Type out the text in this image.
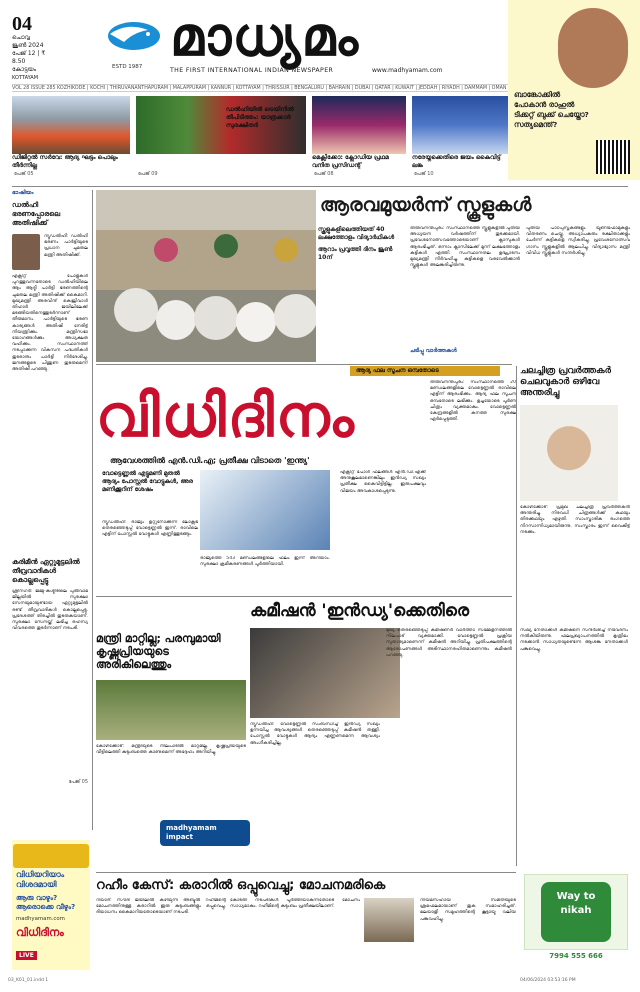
04
ചൊവ്വ
ജൂൺ 2024
പേജ് 12 | ₹ 8.50
കോട്ടയം
KOTTAYAM
മാധ്യമം
ESTD 1987	THE FIRST INTERNATIONAL INDIAN NEWSPAPER	www.madhyamam.com
VOL 28 ISSUE 285 KOZHIKODE | KOCHI | THIRUVANANTHAPURAM | MALAPPURAM | KANNUR | KOTTAYAM | THRISSUR | BENGALURU | BAHRAIN | DUBAI | QATAR | KUWAIT | JEDDAH | RIYADH | DAMMAM | OMAN
ഡിജിറ്റൽ സർവേ: ആദ്യ ഘട്ടം പൊലും തീർന്നില്ല
പേജ് 05
ഡൽഹിയിൽ ട്രെയിനിൽ തീപിടിത്തം: യാത്രക്കാർ സുരക്ഷിതർ
പേജ് 09
മെക്സിക്കോ: ക്ലോഡിയ പ്രഥമ വനിത പ്രസിഡന്റ്
പേജ് 08
നരേയ്നക്കെതിരെ ജയം കൈവിട്ട് ലങ്ക
പേജ് 10
ബാങ്കോക്കിൽ പോകാൻ രാഹുൽ ടിക്കറ്റ് ബുക്ക് ചെയ്തോ? സത്യമെന്ത്?
ഭാഷിയം
ഡൽഹി ഭരണപ്പോരലെ അതിഷിക്ക്
ന്യൂഡൽഹി: ഡൽഹി ഭരണം പാർട്ടിയുടെ പ്രധാന ചുമതല മന്ത്രി അതിഷിക്ക്.
എക്സിറ്റ് പോളുകൾ പുറത്തുവന്നതോടെ ഡൽഹിയിലെ ആം ആദ്മി പാർട്ടി ഭരണത്തിന്റെ ചുമതല മന്ത്രി അതിഷിക്ക് കൈമാറി. മുഖ്യമന്ത്രി അരവിന്ദ് കെജ്രിവാൾ തിഹാർ ജയിലിലേക്ക് മടങ്ങിയതിനെത്തുടർന്നാണ് തീരുമാനം. പാർട്ടിയുടെ ഭരണ കാര്യങ്ങൾ അതിഷി നേരിട്ട് നിയന്ത്രിക്കും. മന്ത്രിസഭാ യോഗങ്ങൾക്കും അധ്യക്ഷത വഹിക്കും. സംസ്ഥാനത്ത് നടപ്പാക്കുന്ന വികസന പദ്ധതികൾ തുടരാനും പാർട്ടി നിർദേശിച്ചു. ജനങ്ങളുടെ പിന്തുണ തുടരുമെന്ന് അതിഷി പറഞ്ഞു.
കരിമീൻ ഏറ്റുമുട്ടലിൽ തീവ്രവാദികൾ കൊല്ലപ്പെട്ടു
ശ്രീനഗർ: ജമ്മു-കശ്മീരിലെ പുൽവാമ ജില്ലയിൽ സുരക്ഷാ സേനയുമായുണ്ടായ ഏറ്റുമുട്ടലിൽ രണ്ട് തീവ്രവാദികൾ കൊല്ലപ്പെട്ടു. പ്രദേശത്ത് തിരച്ചിൽ തുടരുകയാണ്. സുരക്ഷാ സേനയ്ക്ക് ലഭിച്ച രഹസ്യ വിവരത്തെ തുടർന്നാണ് നടപടി.
പേജ് 05
വിധിയറിയാം വിശദമായി
ആരു വാഴും? ആരൊക്കെ വീഴും?
madhyamam.com
വിധിദിനം
LIVE
ആരവമുയർന്ന് സ്കൂളുകൾ
സ്കൂളുകളിലെത്തിയത് 40 ലക്ഷത്തോളം വിദ്യാർഥികൾ
ആറാം പ്രവൃത്തി ദിനം ജൂൺ 10ന്
തിരുവനന്തപുരം: സംസ്ഥാനത്തെ സ്കൂളുകളിൽ പുതിയ അധ്യയന വർഷത്തിന് തുടക്കമായി. പ്രവേശനോത്സവത്തോടെയാണ് ക്ലാസുകൾ ആരംഭിച്ചത്. ഒന്നാം ക്ലാസിലേക്ക് മൂന്ന് ലക്ഷത്തോളം കുട്ടികൾ എത്തി. സംസ്ഥാനതല ഉദ്ഘാടനം മുഖ്യമന്ത്രി നിർവഹിച്ചു. കുട്ടികളെ വരവേൽക്കാൻ സ്കൂളുകൾ അലങ്കരിച്ചിരുന്നു.
പുതിയ പാഠപുസ്തകങ്ങളും യൂണിഫോമുകളും വിതരണം ചെയ്തു. അധ്യാപകരും രക്ഷിതാക്കളും ചേർന്ന് കുട്ടികളെ സ്വീകരിച്ചു. പ്രവേശനോത്സവ ഗാനം സ്കൂളുകളിൽ ആലപിച്ചു. വിദ്യാഭ്യാസ മന്ത്രി വിവിധ സ്കൂളുകൾ സന്ദർശിച്ചു.
ചടിപ്പു വാർത്തകൾ
ആദ്യ ഫല സൂചന ഒമ്പതോടെ
വിധിദിനം
ആവേശത്തിൽ എൻ.ഡി.എ; പ്രതീക്ഷ വിടാതെ 'ഇന്ത്യ'
വോട്ടെണ്ണൽ എട്ടുമണി മുതൽ ആദ്യം പോസ്റ്റൽ വോട്ടുകൾ, അര മണിക്കൂറിന് ശേഷം
ന്യൂഡൽഹി: രാജ്യം ഉറ്റുനോക്കുന്ന ലോക്സഭ തെരഞ്ഞെടുപ്പ് വോട്ടെണ്ണൽ ഇന്ന്. രാവിലെ എട്ടിന് പോസ്റ്റൽ വോട്ടുകൾ എണ്ണിത്തുടങ്ങും.
രാജ്യത്തെ 543 മണ്ഡലങ്ങളിലെ ഫലം ഇന്ന് അറിയാം. സുരക്ഷാ ക്രമീകരണങ്ങൾ പൂർത്തിയായി.
എക്സിറ്റ് പോൾ ഫലങ്ങൾ എൻ.ഡി.എക്ക് അനുകൂലമാണെങ്കിലും ഇൻഡ്യ സഖ്യം പ്രതീക്ഷ കൈവിട്ടിട്ടില്ല. ഇരുപക്ഷവും വിജയം അവകാശപ്പെടുന്നു.
തിരുവനന്തപുരം: സംസ്ഥാനത്തെ 20 മണ്ഡലങ്ങളിലെ വോട്ടെണ്ണൽ രാവിലെ എട്ടിന് ആരംഭിക്കും. ആദ്യ ഫല സൂചന ഒമ്പതോടെ ലഭിക്കും. ഉച്ചയോടെ പൂർണ ചിത്രം വ്യക്തമാകും. വോട്ടെണ്ണൽ കേന്ദ്രങ്ങളിൽ കനത്ത സുരക്ഷ ഏർപ്പെടുത്തി.
ചലച്ചിത്ര പ്രവർത്തകർ ചെലവുകാർ ഒഴിവേ അന്തരിച്ചു
കോഴിക്കോട്: പ്രമുഖ ചലച്ചിത്ര പ്രവർത്തകൻ അന്തരിച്ചു. നിരവധി ചിത്രങ്ങൾക്ക് കഥയും തിരക്കഥയും എഴുതി. സാംസ്കാരിക രംഗത്തെ നിറസാന്നിധ്യമായിരുന്നു. സംസ്കാരം ഇന്ന് വൈകീട്ട് നടക്കും.
കമീഷൻ 'ഇൻഡ്യ'ക്കെതിരെ
മന്ത്രി മാറ്റില്ല; പരമ്പുമായി കൃഷ്ണപ്രിയയുടെ അരികിലെത്തും
കോഴിക്കോട്: മന്ത്രിയുടെ നിലപാടിൽ മാറ്റമില്ല. കൃഷ്ണപ്രിയയുടെ വീട്ടിലെത്തി കുടുംബത്തെ കാണുമെന്ന് അദ്ദേഹം അറിയിച്ചു.
ന്യൂഡൽഹി: വോട്ടെണ്ണൽ സംബന്ധിച്ച് ഇൻഡ്യ സഖ്യം ഉന്നയിച്ച ആവശ്യങ്ങൾ തെരഞ്ഞെടുപ്പ് കമീഷൻ തള്ളി. പോസ്റ്റൽ വോട്ടുകൾ ആദ്യം എണ്ണണമെന്ന ആവശ്യം അംഗീകരിച്ചില്ല.
മുഖ്യ തെരഞ്ഞെടുപ്പ് കമീഷണർ വാർത്താ സമ്മേളനത്തിൽ നിലപാട് വ്യക്തമാക്കി. വോട്ടെണ്ണൽ പ്രക്രിയ സുതാര്യമാണെന്ന് കമീഷൻ അറിയിച്ചു. പ്രതിപക്ഷത്തിന്റെ ആരോപണങ്ങൾ അടിസ്ഥാനരഹിതമാണെന്നും കമീഷൻ പറഞ്ഞു.
സഖ്യ നേതാക്കൾ കമീഷനെ സന്ദർശിച്ച് നിവേദനം നൽകിയിരുന്നു. ഫലപ്രഖ്യാപനത്തിൽ കൃത്രിമം നടക്കാൻ സാധ്യതയുണ്ടെന്ന ആശങ്ക നേതാക്കൾ പങ്കുവെച്ചു.
madhyamam
impact
റഹീം കേസ്: കരാറിൽ ഒപ്പുവെച്ചു; മോചനമരികെ
റിയാദ്: സൗദി ജയിലിൽ കഴിയുന്ന അബ്ദുൽ റഹീമിന്റെ മോചനത്തിനുള്ള കരാറിൽ ഇരു കുടുംബങ്ങളും ഒപ്പുവെച്ചു. ദിയാധനം കൈമാറിയതോടെയാണ് നടപടി.
കോടതി നടപടികൾ പൂർത്തിയാകുന്നതോടെ മോചനം സാധ്യമാകും. റഹീമിന്റെ കുടുംബം പ്രതീക്ഷയിലാണ്.
നിയമസഹായ സമിതിയുടെ ശ്രമഫലമായാണ് തുക സമാഹരിച്ചത്. മലയാളി സമൂഹത്തിന്റെ കൂട്ടായ്മ വലിയ പങ്കുവഹിച്ചു.
Way to nikah
7994 555 666
03_K01_01.indd 1	04/06/2024 03:53:16 PM
